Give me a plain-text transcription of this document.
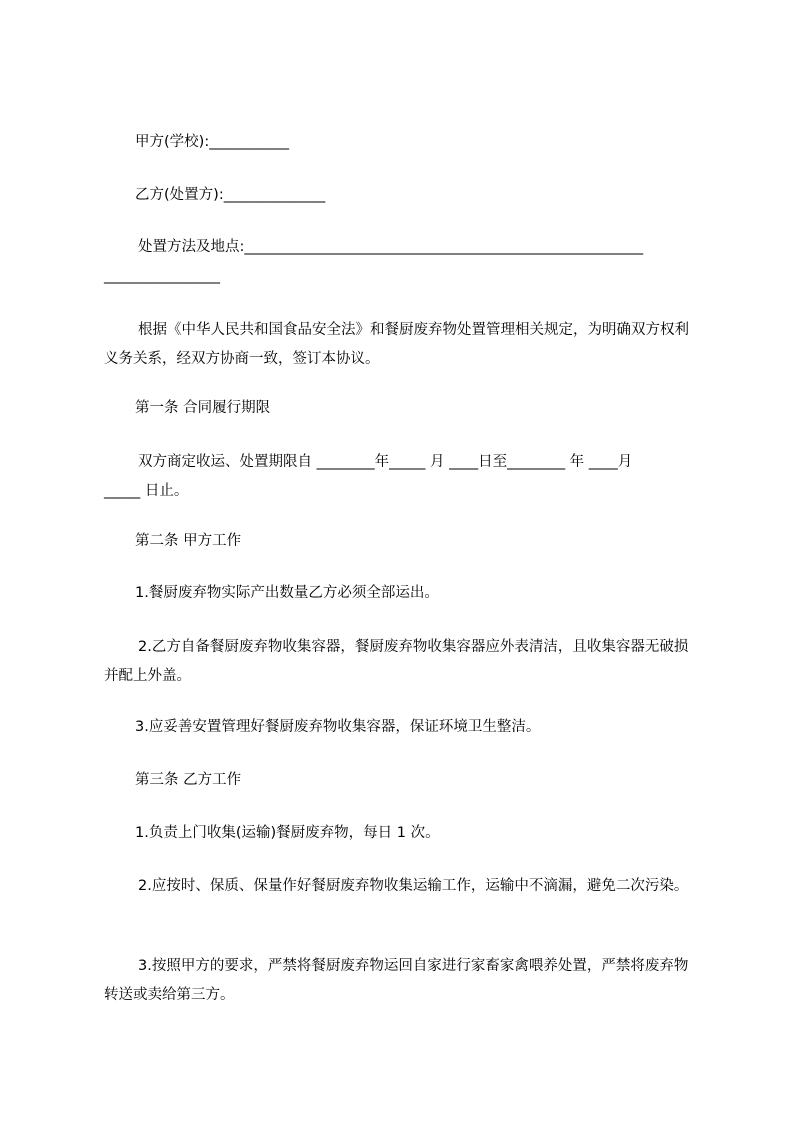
甲方(学校):___________
乙方(处置方):______________
处置方法及地点:_______________________________________________________
________________
根据《中华人民共和国食品安全法》和餐厨废弃物处置管理相关规定，为明确双方权利义务关系，经双方协商一致，签订本协议。
第一条 合同履行期限
双方商定收运、处置期限自 ________年_____ 月 ____日至________ 年 ____月
_____ 日止。
第二条 甲方工作
1.餐厨废弃物实际产出数量乙方必须全部运出。
2.乙方自备餐厨废弃物收集容器，餐厨废弃物收集容器应外表清洁，且收集容器无破损并配上外盖。
3.应妥善安置管理好餐厨废弃物收集容器，保证环境卫生整洁。
第三条 乙方工作
1.负责上门收集(运输)餐厨废弃物，每日 1 次。
2.应按时、保质、保量作好餐厨废弃物收集运输工作，运输中不滴漏，避免二次污染。
3.按照甲方的要求，严禁将餐厨废弃物运回自家进行家畜家禽喂养处置，严禁将废弃物转送或卖给第三方。
